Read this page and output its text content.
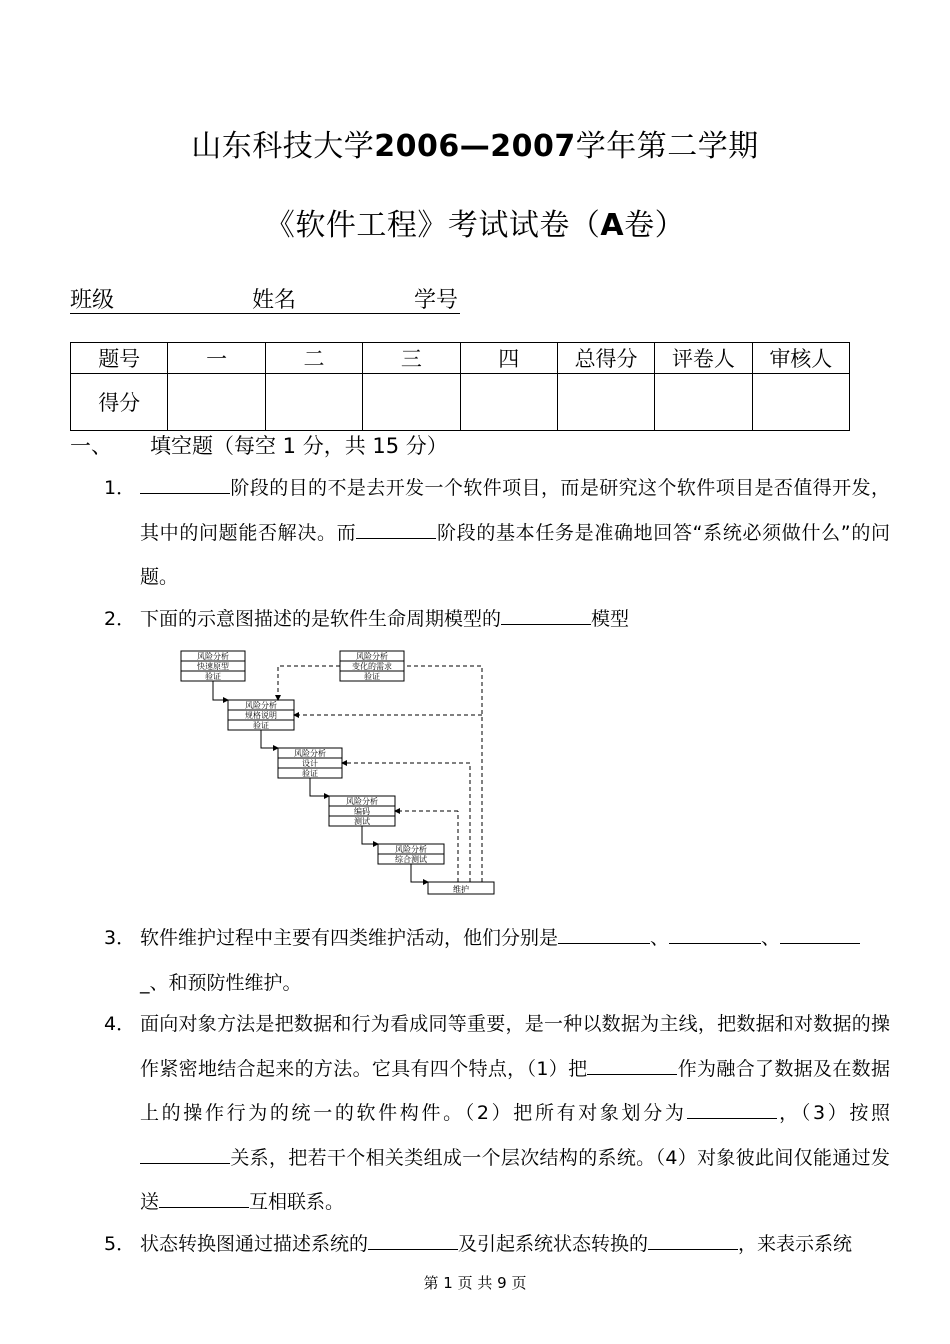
山东科技大学2006—2007学年第二学期
《软件工程》考试试卷（A卷）
班级	姓名	学号
题号	一	二	三	四	总得分	评卷人	审核人
得分							
一、 填空题（每空 1 分，共 15 分）
1．	阶段的目的不是去开发一个软件项目，而是研究这个软件项目是否值得开发，其中的问题能否解决。而	阶段的基本任务是准确地回答“系统必须做什么”的问题。
2． 下面的示意图描述的是软件生命周期模型的	模型
风险分析
快速原型
验证
风险分析
变化的需求
验证
风险分析
规格说明
验证
风险分析
设计
验证
风险分析
编码
测试
风险分析
综合测试
维护
3． 软件维护过程中主要有四类维护活动，他们分别是	、	、
_、和预防性维护。
4． 面向对象方法是把数据和行为看成同等重要，是一种以数据为主线，把数据和对数据的操作紧密地结合起来的方法。它具有四个特点，（1）把	作为融合了数据及在数据上的操作行为的统一的软件构件。（2）把所有对象划分为	，（3）按照关系，把若干个相关类组成一个层次结构的系统。（4）对象彼此间仅能通过发送	互相联系。
5． 状态转换图通过描述系统的	及引起系统状态转换的	，来表示系统
第 1 页 共 9 页
